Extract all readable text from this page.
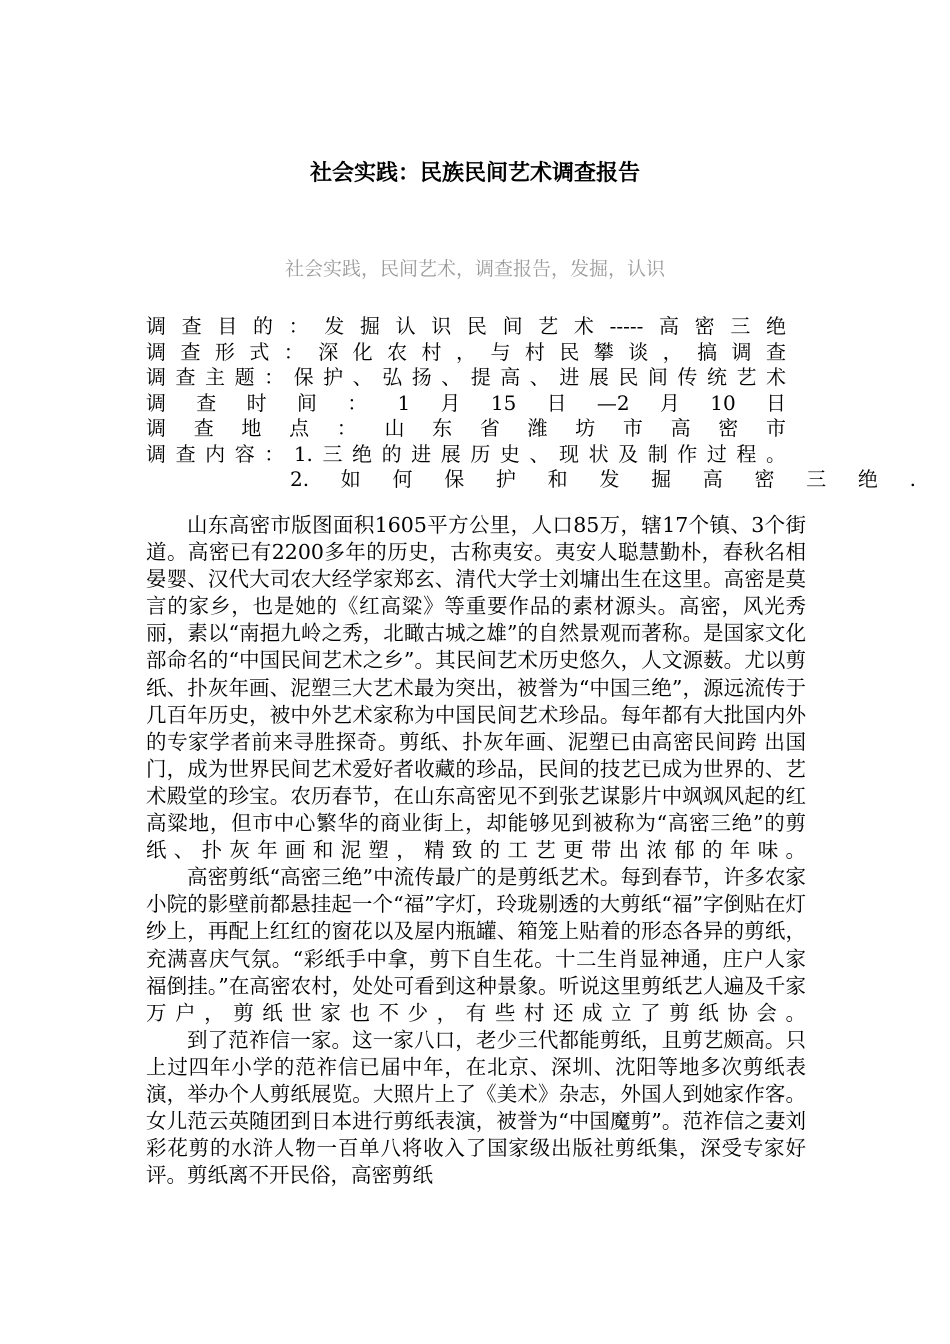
社会实践：民族民间艺术调查报告
社会实践，民间艺术，调查报告，发掘，认识
调查目的：发掘认识民间艺术-----高密三绝
调查形式：深化农村，与村民攀谈，搞调查
调查主题：保护、弘扬、提高、进展民间传统艺术
调查时间：1月15日—2月10日
调查地点：山东省潍坊市高密市
调查内容：1.三绝的进展历史、现状及制作过程。
2.如何保护和发掘高密三绝.

山东高密市版图面积1605平方公里，人口85万，辖17个镇、3个街道。高密已有2200多年的历史，古称夷安。夷安人聪慧勤朴，春秋名相晏婴、汉代大司农大经学家郑玄、清代大学士刘墉出生在这里。高密是莫言的家乡，也是她的《红高粱》等重要作品的素材源头。高密，风光秀丽，素以“南挹九岭之秀，北瞰古城之雄”的自然景观而著称。是国家文化部命名的“中国民间艺术之乡”。其民间艺术历史悠久，人文源薮。尤以剪纸、扑灰年画、泥塑三大艺术最为突出，被誉为“中国三绝”，源远流传于几百年历史，被中外艺术家称为中国民间艺术珍品。每年都有大批国内外的专家学者前来寻胜探奇。剪纸、扑灰年画、泥塑已由高密民间跨 出国门，成为世界民间艺术爱好者收藏的珍品，民间的技艺已成为世界的、艺术殿堂的珍宝。农历春节，在山东高密见不到张艺谋影片中飒飒风起的红高粱地，但市中心繁华的商业街上，却能够见到被称为“高密三绝”的剪纸、扑灰年画和泥塑，精致的工艺更带出浓郁的年味。

高密剪纸“高密三绝”中流传最广的是剪纸艺术。每到春节，许多农家小院的影壁前都悬挂起一个“福”字灯，玲珑剔透的大剪纸“福”字倒贴在灯纱上，再配上红红的窗花以及屋内瓶罐、箱笼上贴着的形态各异的剪纸，充满喜庆气氛。“彩纸手中拿，剪下自生花。十二生肖显神通，庄户人家福倒挂。”在高密农村，处处可看到这种景象。听说这里剪纸艺人遍及千家万户，剪纸世家也不少，有些村还成立了剪纸协会。

到了范祚信一家。这一家八口，老少三代都能剪纸，且剪艺颇高。只上过四年小学的范祚信已届中年，在北京、深圳、沈阳等地多次剪纸表演，举办个人剪纸展览。大照片上了《美术》杂志，外国人到她家作客。女儿范云英随团到日本进行剪纸表演，被誉为“中国魔剪”。范祚信之妻刘彩花剪的水浒人物一百单八将收入了国家级出版社剪纸集，深受专家好评。剪纸离不开民俗，高密剪纸
